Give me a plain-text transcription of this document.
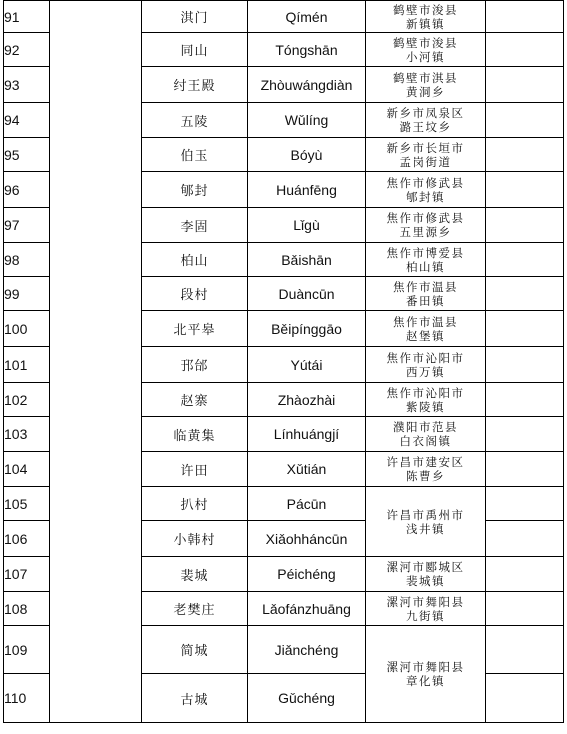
91		淇门	Qímén	鹤壁市浚县
新镇镇	

92		同山	Tóngshān	鹤壁市浚县
小河镇	

93		纣王殿	Zhòuwángdiàn	鹤壁市淇县
黄洞乡	

94		五陵	Wǔlíng	新乡市凤泉区
潞王坟乡	

95		伯玉	Bóyù	新乡市长垣市
孟岗街道	

96		郇封	Huánfēng	焦作市修武县
郇封镇	

97		李固	Lǐgù	焦作市修武县
五里源乡	

98		柏山	Bǎishān	焦作市博爱县
柏山镇	

99		段村	Duàncūn	焦作市温县
番田镇	

100		北平皋	Běipínggāo	焦作市温县
赵堡镇	

101		邘邰	Yútái	焦作市沁阳市
西万镇	

102		赵寨	Zhàozhài	焦作市沁阳市
紫陵镇	

103		临黄集	Línhuángjí	濮阳市范县
白衣阁镇	

104		许田	Xǔtián	许昌市建安区
陈曹乡	

105		扒村	Pácūn	许昌市禹州市
浅井镇	

106		小韩村	Xiǎohháncūn		
107		裴城	Péichéng	漯河市郾城区
裴城镇	

108		老樊庄	Lǎofánzhuāng	漯河市舞阳县
九街镇	

109		简城	Jiǎnchéng	漯河市舞阳县
章化镇	

110		古城	Gǔchéng		
